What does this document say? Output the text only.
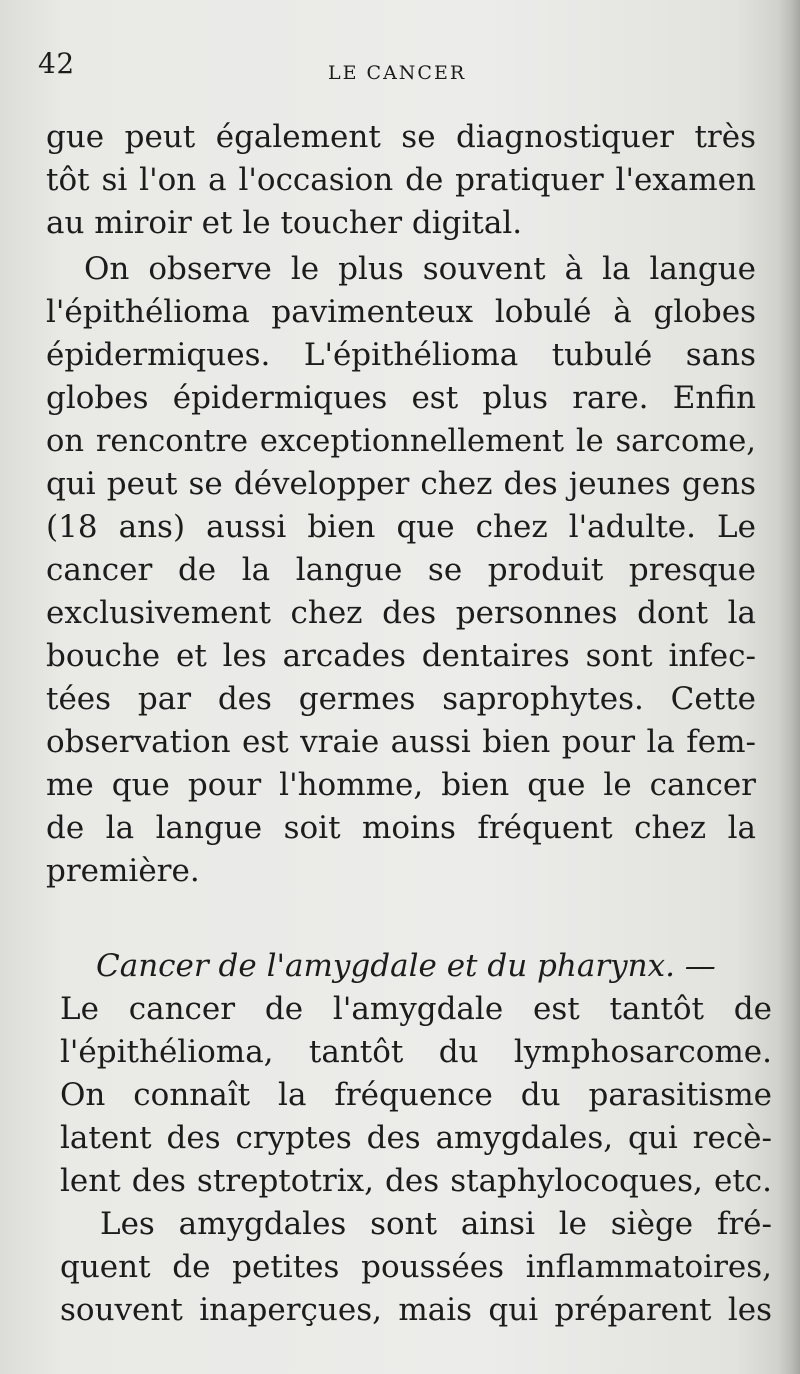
42	LE CANCER
gue peut également se diagnostiquer très
tôt si l'on a l'occasion de pratiquer l'examen
au miroir et le toucher digital.
On observe le plus souvent à la langue
l'épithélioma pavimenteux lobulé à globes
épidermiques. L'épithélioma tubulé sans
globes épidermiques est plus rare. Enfin
on rencontre exceptionnellement le sarcome,
qui peut se développer chez des jeunes gens
(18 ans) aussi bien que chez l'adulte. Le
cancer de la langue se produit presque
exclusivement chez des personnes dont la
bouche et les arcades dentaires sont infec-
tées par des germes saprophytes. Cette
observation est vraie aussi bien pour la fem-
me que pour l'homme, bien que le cancer
de la langue soit moins fréquent chez la
première.
Cancer de l'amygdale et du pharynx. —
Le cancer de l'amygdale est tantôt de
l'épithélioma, tantôt du lymphosarcome.
On connaît la fréquence du parasitisme
latent des cryptes des amygdales, qui recè-
lent des streptotrix, des staphylocoques, etc.
Les amygdales sont ainsi le siège fré-
quent de petites poussées inflammatoires,
souvent inaperçues, mais qui préparent les
